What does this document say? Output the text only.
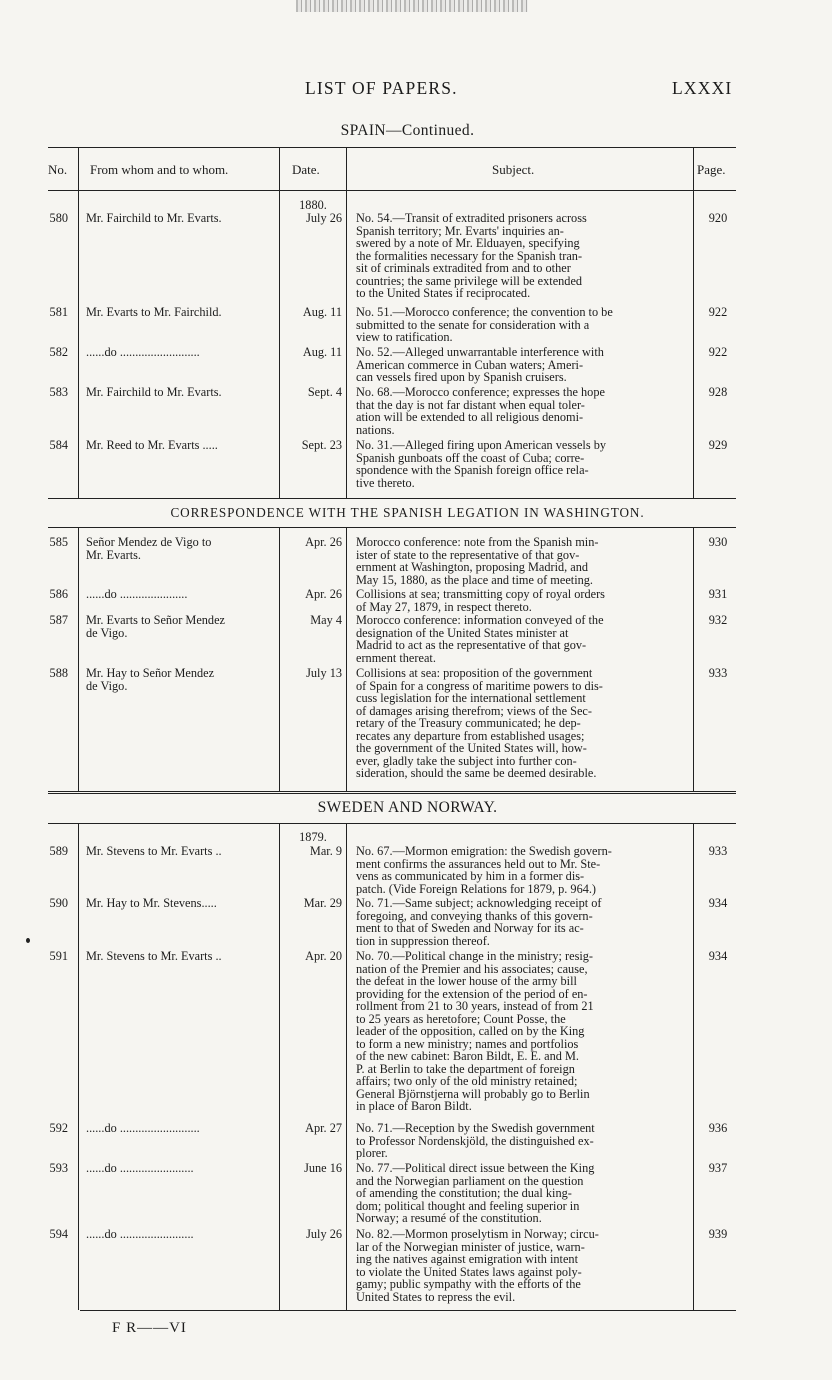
LIST OF PAPERS.	LXXXI
SPAIN—Continued.
No. From whom and to whom.	Date.	Subject.	Page.
1880.
580 Mr. Fairchild to Mr. Evarts.	July 26 No. 54.—Transit of extradited prisoners across
Spanish territory; Mr. Evarts' inquiries an-
swered by a note of Mr. Elduayen, specifying
the formalities necessary for the Spanish tran-
sit of criminals extradited from and to other
countries; the same privilege will be extended
to the United States if reciprocated.
920
581 Mr. Evarts to Mr. Fairchild.	Aug. 11 No. 51.—Morocco conference; the convention to be
submitted to the senate for consideration with a
view to ratification.
922
582 ......do ..........................	Aug. 11 No. 52.—Alleged unwarrantable interference with
American commerce in Cuban waters; Ameri-
can vessels fired upon by Spanish cruisers.
922
583 Mr. Fairchild to Mr. Evarts.	Sept. 4 No. 68.—Morocco conference; expresses the hope
that the day is not far distant when equal toler-
ation will be extended to all religious denomi-
nations.
928
584 Mr. Reed to Mr. Evarts .....	Sept. 23 No. 31.—Alleged firing upon American vessels by
Spanish gunboats off the coast of Cuba; corre-
spondence with the Spanish foreign office rela-
tive thereto.
929
CORRESPONDENCE WITH THE SPANISH LEGATION IN WASHINGTON.
585 Señor Mendez de Vigo to
Mr. Evarts.
Apr. 26 Morocco conference: note from the Spanish min-
ister of state to the representative of that gov-
ernment at Washington, proposing Madrid, and
May 15, 1880, as the place and time of meeting.
930
586 ......do ......................	Apr. 26 Collisions at sea; transmitting copy of royal orders
of May 27, 1879, in respect thereto.
931
587 Mr. Evarts to Señor Mendez
de Vigo.
May 4 Morocco conference: information conveyed of the
designation of the United States minister at
Madrid to act as the representative of that gov-
ernment thereat.
932
588 Mr. Hay to Señor Mendez
de Vigo.
July 13 Collisions at sea: proposition of the government
of Spain for a congress of maritime powers to dis-
cuss legislation for the international settlement
of damages arising therefrom; views of the Sec-
retary of the Treasury communicated; he dep-
recates any departure from established usages;
the government of the United States will, how-
ever, gladly take the subject into further con-
sideration, should the same be deemed desirable.
933
SWEDEN AND NORWAY.
1879.
589 Mr. Stevens to Mr. Evarts ..	Mar. 9 No. 67.—Mormon emigration: the Swedish govern-
ment confirms the assurances held out to Mr. Ste-
vens as communicated by him in a former dis-
patch. (Vide Foreign Relations for 1879, p. 964.)
933
590 Mr. Hay to Mr. Stevens.....	Mar. 29 No. 71.—Same subject; acknowledging receipt of
foregoing, and conveying thanks of this govern-
ment to that of Sweden and Norway for its ac-
tion in suppression thereof.
934
591 Mr. Stevens to Mr. Evarts ..	Apr. 20 No. 70.—Political change in the ministry; resig-
nation of the Premier and his associates; cause,
the defeat in the lower house of the army bill
providing for the extension of the period of en-
rollment from 21 to 30 years, instead of from 21
to 25 years as heretofore; Count Posse, the
leader of the opposition, called on by the King
to form a new ministry; names and portfolios
of the new cabinet: Baron Bildt, E. E. and M.
P. at Berlin to take the department of foreign
affairs; two only of the old ministry retained;
General Björnstjerna will probably go to Berlin
in place of Baron Bildt.
934
592 ......do ..........................	Apr. 27 No. 71.—Reception by the Swedish government
to Professor Nordenskjöld, the distinguished ex-
plorer.
936
593 ......do ........................	June 16 No. 77.—Political direct issue between the King
and the Norwegian parliament on the question
of amending the constitution; the dual king-
dom; political thought and feeling superior in
Norway; a resumé of the constitution.
937
594 ......do ........................	July 26 No. 82.—Mormon proselytism in Norway; circu-
lar of the Norwegian minister of justice, warn-
ing the natives against emigration with intent
to violate the United States laws against poly-
gamy; public sympathy with the efforts of the
United States to repress the evil.
939
F R——VI
